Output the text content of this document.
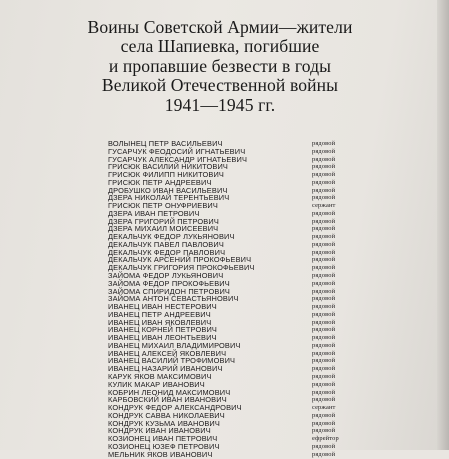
Воины Советской Армии—жители
села Шапиевка, погибшие
и пропавшие безвести в годы
Великой Отечественной войны
1941—1945 гг.
ВОЛЫНЕЦ ПЕТР ВАСИЛЬЕВИЧ	рядовой
ГУСАРЧУК ФЕОДОСИЙ ИГНАТЬЕВИЧ	рядовой
ГУСАРЧУК АЛЕКСАНДР ИГНАТЬЕВИЧ	рядовой
ГРИСЮК ВАСИЛИЙ НИКИТОВИЧ	рядовой
ГРИСЮК ФИЛИПП НИКИТОВИЧ	рядовой
ГРИСЮК ПЕТР АНДРЕЕВИЧ	рядовой
ДРОБУШКО ИВАН ВАСИЛЬЕВИЧ	рядовой
ДЗЕРА НИКОЛАЙ ТЕРЕНТЬЕВИЧ	рядовой
ГРИСЮК ПЕТР ОНУФРИЕВИЧ	сержант
ДЗЕРА ИВАН ПЕТРОВИЧ	рядовой
ДЗЕРА ГРИГОРИЙ ПЕТРОВИЧ	рядовой
ДЗЕРА МИХАИЛ МОИСЕЕВИЧ	рядовой
ДЕКАЛЬЧУК ФЕДОР ЛУКЬЯНОВИЧ	рядовой
ДЕКАЛЬЧУК ПАВЕЛ ПАВЛОВИЧ	рядовой
ДЕКАЛЬЧУК ФЕДОР ПАВЛОВИЧ	рядовой
ДЕКАЛЬЧУК АРСЕНИЙ ПРОКОФЬЕВИЧ	рядовой
ДЕКАЛЬЧУК ГРИГОРИЯ ПРОКОФЬЕВИЧ	рядовой
ЗАЙОМА ФЕДОР ЛУКЬЯНОВИЧ	рядовой
ЗАЙОМА ФЕДОР ПРОКОФЬЕВИЧ	рядовой
ЗАЙОМА СПИРИДОН ПЕТРОВИЧ	рядовой
ЗАЙОМА АНТОН СЕВАСТЬЯНОВИЧ	рядовой
ИВАНЕЦ ИВАН НЕСТЕРОВИЧ	рядовой
ИВАНЕЦ ПЕТР АНДРЕЕВИЧ	рядовой
ИВАНЕЦ ИВАН ЯКОВЛЕВИЧ	рядовой
ИВАНЕЦ КОРНЕЙ ПЕТРОВИЧ	рядовой
ИВАНЕЦ ИВАН ЛЕОНТЬЕВИЧ	рядовой
ИВАНЕЦ МИХАИЛ ВЛАДИМИРОВИЧ	рядовой
ИВАНЕЦ АЛЕКСЕЙ ЯКОВЛЕВИЧ	рядовой
ИВАНЕЦ ВАСИЛИЙ ТРОФИМОВИЧ	рядовой
ИВАНЕЦ НАЗАРИЙ ИВАНОВИЧ	рядовой
КАРУК ЯКОВ МАКСИМОВИЧ	рядовой
КУЛИК МАКАР ИВАНОВИЧ	рядовой
КОБРИН ЛЕОНИД МАКСИМОВИЧ	рядовой
КАРБОВСКИЙ ИВАН ИВАНОВИЧ	рядовой
КОНДРУК ФЕДОР АЛЕКСАНДРОВИЧ	сержант
КОНДРУК САВВА НИКОЛАЕВИЧ	рядовой
КОНДРУК КУЗЬМА ИВАНОВИЧ	рядовой
КОНДРУК ИВАН ИВАНОВИЧ	рядовой
КОЗИОНЕЦ ИВАН ПЕТРОВИЧ	ефрейтор
КОЗИОНЕЦ ЮЗЕФ ПЕТРОВИЧ	рядовой
МЕЛЬНИК ЯКОВ ИВАНОВИЧ	рядовой
